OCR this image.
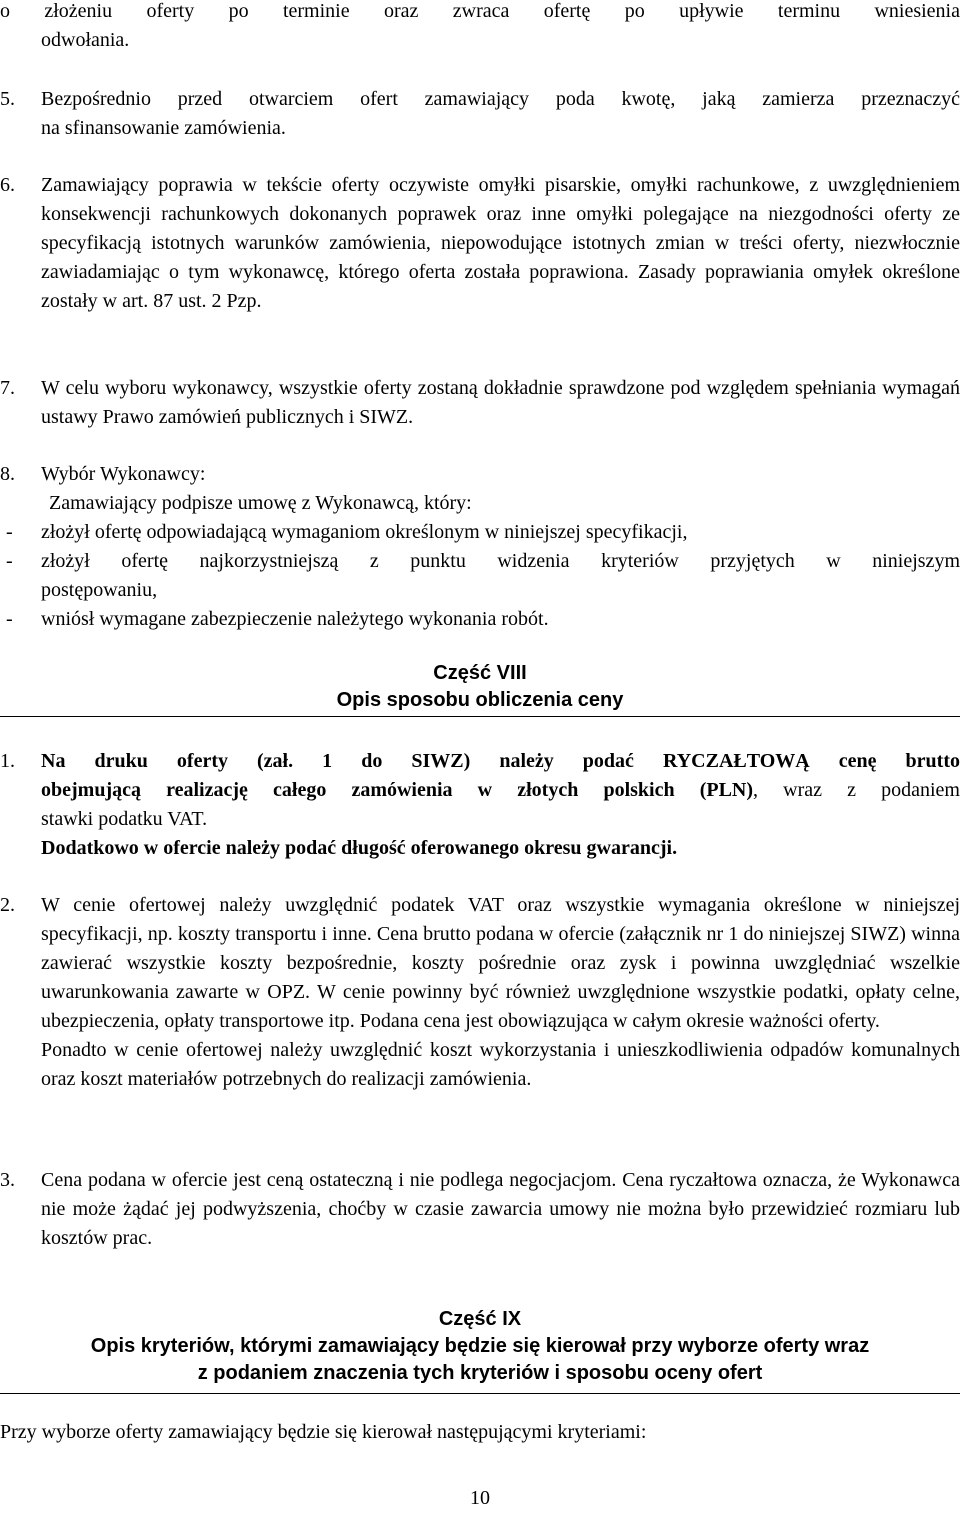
o złożeniu oferty po terminie oraz zwraca ofertę po upływie terminu wniesienia
odwołania.
5. Bezpośrednio przed otwarciem ofert zamawiający poda kwotę, jaką zamierza przeznaczyć
na sfinansowanie zamówienia.
6. Zamawiający poprawia w tekście oferty oczywiste omyłki pisarskie, omyłki rachunkowe, z uwzględnieniem konsekwencji rachunkowych dokonanych poprawek oraz inne omyłki polegające na niezgodności oferty ze specyfikacją istotnych warunków zamówienia, niepowodujące istotnych zmian w treści oferty, niezwłocznie zawiadamiając o tym wykonawcę, którego oferta została poprawiona. Zasady poprawiania omyłek określone zostały w art. 87 ust. 2 Pzp.
7. W celu wyboru wykonawcy, wszystkie oferty zostaną dokładnie sprawdzone pod względem spełniania wymagań ustawy Prawo zamówień publicznych i SIWZ.
8. Wybór Wykonawcy:
Zamawiający podpisze umowę z Wykonawcą, który:
- złożył ofertę odpowiadającą wymaganiom określonym w niniejszej specyfikacji,
- złożył ofertę najkorzystniejszą z punktu widzenia kryteriów przyjętych w niniejszym
postępowaniu,
- wniósł wymagane zabezpieczenie należytego wykonania robót.
Część VIII
Opis sposobu obliczenia ceny
1. Na druku oferty (zał. 1 do SIWZ) należy podać RYCZAŁTOWĄ cenę brutto
obejmującą realizację całego zamówienia w złotych polskich (PLN), wraz z podaniem
stawki podatku VAT.
Dodatkowo w ofercie należy podać długość oferowanego okresu gwarancji.
2. W cenie ofertowej należy uwzględnić podatek VAT oraz wszystkie wymagania określone w niniejszej specyfikacji, np. koszty transportu i inne. Cena brutto podana w ofercie (załącznik nr 1 do niniejszej SIWZ) winna zawierać wszystkie koszty bezpośrednie, koszty pośrednie oraz zysk i powinna uwzględniać wszelkie uwarunkowania zawarte w OPZ. W cenie powinny być również uwzględnione wszystkie podatki, opłaty celne, ubezpieczenia, opłaty transportowe itp. Podana cena jest obowiązująca w całym okresie ważności oferty.
Ponadto w cenie ofertowej należy uwzględnić koszt wykorzystania i unieszkodliwienia odpadów komunalnych oraz koszt materiałów potrzebnych do realizacji zamówienia.
3. Cena podana w ofercie jest ceną ostateczną i nie podlega negocjacjom. Cena ryczałtowa oznacza, że Wykonawca nie może żądać jej podwyższenia, choćby w czasie zawarcia umowy nie można było przewidzieć rozmiaru lub kosztów prac.
Część IX
Opis kryteriów, którymi zamawiający będzie się kierował przy wyborze oferty wraz
z podaniem znaczenia tych kryteriów i sposobu oceny ofert
Przy wyborze oferty zamawiający będzie się kierował następującymi kryteriami:
10
